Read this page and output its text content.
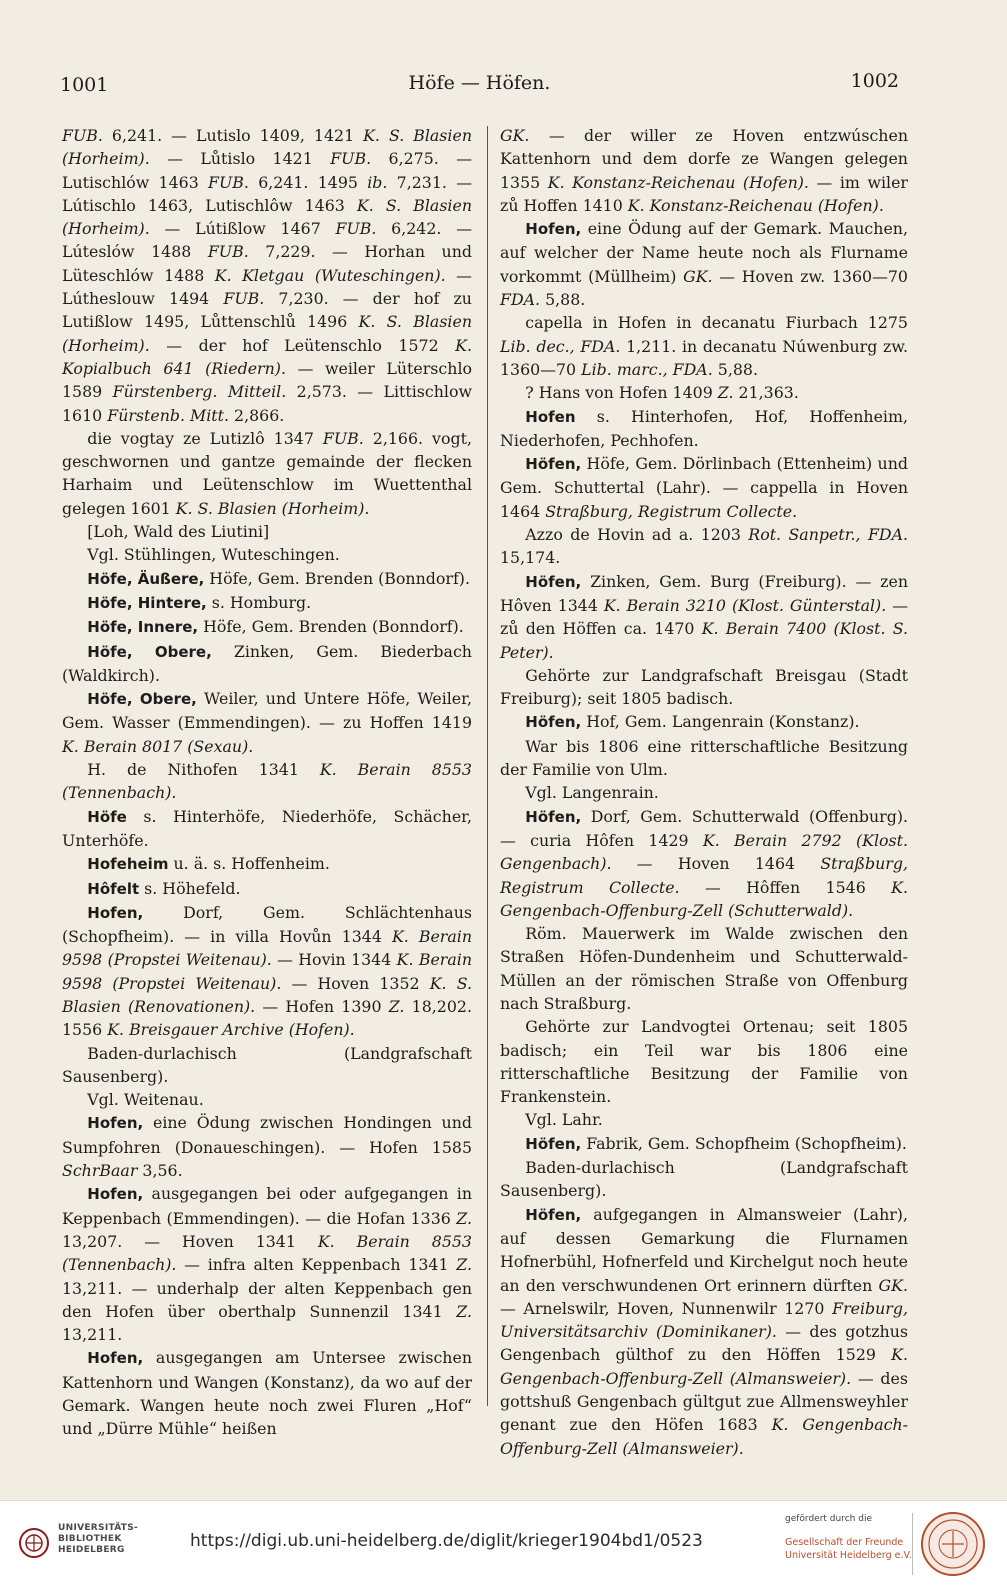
1001	Höfe — Höfen.	1002

FUB. 6,241. — Lutislo 1409, 1421 K. S. Blasien (Horheim). — Lůtislo 1421 FUB. 6,275. — Lutischlów 1463 FUB. 6,241. 1495 ib. 7,231. — Lútischlo 1463, Lutischlôw 1463 K. S. Blasien (Horheim). — Lútißlow 1467 FUB. 6,242. — Lúteslów 1488 FUB. 7,229. — Horhan und Lüteschlów 1488 K. Kletgau (Wuteschingen). — Lútheslouw 1494 FUB. 7,230. — der hof zu Lutißlow 1495, Lůttenschlů 1496 K. S. Blasien (Horheim). — der hof Leütenschlo 1572 K. Kopialbuch 641 (Riedern). — weiler Lüterschlo 1589 Fürstenberg. Mitteil. 2,573. — Littischlow 1610 Fürstenb. Mitt. 2,866.

die vogtay ze Lutizlô 1347 FUB. 2,166. vogt, geschwornen und gantze gemainde der flecken Harhaim und Leütenschlow im Wuettenthal gelegen 1601 K. S. Blasien (Horheim).

[Loh, Wald des Liutini]

Vgl. Stühlingen, Wuteschingen.

Höfe, Äußere, Höfe, Gem. Brenden (Bonndorf).

Höfe, Hintere, s. Homburg.

Höfe, Innere, Höfe, Gem. Brenden (Bonndorf).

Höfe, Obere, Zinken, Gem. Biederbach (Waldkirch).

Höfe, Obere, Weiler, und Untere Höfe, Weiler, Gem. Wasser (Emmendingen). — zu Hoffen 1419 K. Berain 8017 (Sexau).

H. de Nithofen 1341 K. Berain 8553 (Tennenbach).

Höfe s. Hinterhöfe, Niederhöfe, Schächer, Unterhöfe.

Hofeheim u. ä. s. Hoffenheim.

Hôfelt s. Höhefeld.

Hofen, Dorf, Gem. Schlächtenhaus (Schopfheim). — in villa Hovůn 1344 K. Berain 9598 (Propstei Weitenau). — Hovin 1344 K. Berain 9598 (Propstei Weitenau). — Hoven 1352 K. S. Blasien (Renovationen). — Hofen 1390 Z. 18,202. 1556 K. Breisgauer Archive (Hofen).

Baden-durlachisch (Landgrafschaft Sausenberg).

Vgl. Weitenau.

Hofen, eine Ödung zwischen Hondingen und Sumpfohren (Donaueschingen). — Hofen 1585 SchrBaar 3,56.

Hofen, ausgegangen bei oder aufgegangen in Keppenbach (Emmendingen). — die Hofan 1336 Z. 13,207. — Hoven 1341 K. Berain 8553 (Tennenbach). — infra alten Keppenbach 1341 Z. 13,211. — underhalp der alten Keppenbach gen den Hofen über oberthalp Sunnenzil 1341 Z. 13,211.

Hofen, ausgegangen am Untersee zwischen Kattenhorn und Wangen (Konstanz), da wo auf der Gemark. Wangen heute noch zwei Fluren „Hof“ und „Dürre Mühle“ heißen

GK. — der willer ze Hoven entzwúschen Kattenhorn und dem dorfe ze Wangen gelegen 1355 K. Konstanz-Reichenau (Hofen). — im wiler zů Hoffen 1410 K. Konstanz-Reichenau (Hofen).

Hofen, eine Ödung auf der Gemark. Mauchen, auf welcher der Name heute noch als Flurname vorkommt (Müllheim) GK. — Hoven zw. 1360—70 FDA. 5,88.

capella in Hofen in decanatu Fiurbach 1275 Lib. dec., FDA. 1,211. in decanatu Núwenburg zw. 1360—70 Lib. marc., FDA. 5,88.

? Hans von Hofen 1409 Z. 21,363.

Hofen s. Hinterhofen, Hof, Hoffenheim, Niederhofen, Pechhofen.

Höfen, Höfe, Gem. Dörlinbach (Ettenheim) und Gem. Schuttertal (Lahr). — cappella in Hoven 1464 Straßburg, Registrum Collecte.

Azzo de Hovin ad a. 1203 Rot. Sanpetr., FDA. 15,174.

Höfen, Zinken, Gem. Burg (Freiburg). — zen Hôven 1344 K. Berain 3210 (Klost. Günterstal). — zů den Höffen ca. 1470 K. Berain 7400 (Klost. S. Peter).

Gehörte zur Landgrafschaft Breisgau (Stadt Freiburg); seit 1805 badisch.

Höfen, Hof, Gem. Langenrain (Konstanz).

War bis 1806 eine ritterschaftliche Besitzung der Familie von Ulm.

Vgl. Langenrain.

Höfen, Dorf, Gem. Schutterwald (Offenburg). — curia Hôfen 1429 K. Berain 2792 (Klost. Gengenbach). — Hoven 1464 Straßburg, Registrum Collecte. — Hôffen 1546 K. Gengenbach-Offenburg-Zell (Schutterwald).

Röm. Mauerwerk im Walde zwischen den Straßen Höfen-Dundenheim und Schutterwald-Müllen an der römischen Straße von Offenburg nach Straßburg.

Gehörte zur Landvogtei Ortenau; seit 1805 badisch; ein Teil war bis 1806 eine ritterschaftliche Besitzung der Familie von Frankenstein.

Vgl. Lahr.

Höfen, Fabrik, Gem. Schopfheim (Schopfheim).

Baden-durlachisch (Landgrafschaft Sausenberg).

Höfen, aufgegangen in Almansweier (Lahr), auf dessen Gemarkung die Flurnamen Hofnerbühl, Hofnerfeld und Kirchelgut noch heute an den verschwundenen Ort erinnern dürften GK. — Arnelswilr, Hoven, Nunnenwilr 1270 Freiburg, Universitätsarchiv (Dominikaner). — des gotzhus Gengenbach gülthof zu den Höffen 1529 K. Gengenbach-Offenburg-Zell (Almansweier). — des gottshuß Gengenbach gültgut zue Allmensweyhler genant zue den Höfen 1683 K. Gengenbach-Offenburg-Zell (Almansweier).

UNIVERSITÄTS-
BIBLIOTHEK
HEIDELBERG	https://digi.ub.uni-heidelberg.de/diglit/krieger1904bd1/0523
gefördert durch die
Gesellschaft der Freunde
Universität Heidelberg e.V.
